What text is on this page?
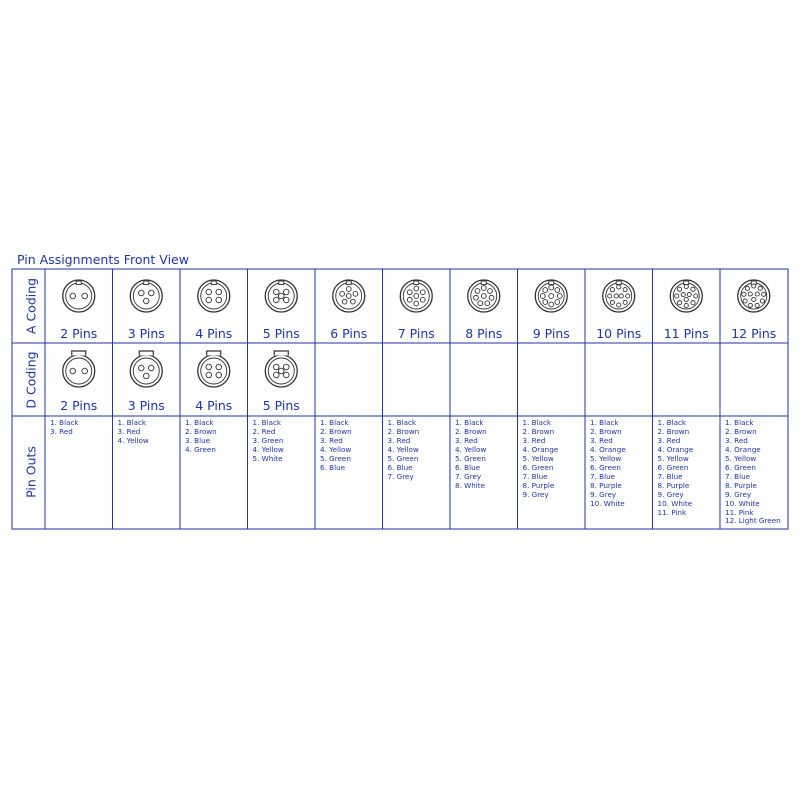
Pin Assignments Front View
A Coding
D Coding
Pin Outs
2 Pins 3 Pins 4 Pins 5 Pins 6 Pins 7 Pins 8 Pins 9 Pins 10 Pins 11 Pins 12 Pins
2 Pins 3 Pins 4 Pins 5 Pins
1. Black
3. Red
1. Black
3. Red
4. Yellow
1. Black
2. Brown
3. Blue
4. Green
1. Black
2. Red
3. Green
4. Yellow
5. White
1. Black
2. Brown
3. Red
4. Yellow
5. Green
6. Blue
1. Black
2. Brown
3. Red
4. Yellow
5. Green
6. Blue
7. Grey
1. Black
2. Brown
3. Red
4. Yellow
5. Green
6. Blue
7. Grey
8. White
1. Black
2. Brown
3. Red
4. Orange
5. Yellow
6. Green
7. Blue
8. Purple
9. Grey
1. Black
2. Brown
3. Red
4. Orange
5. Yellow
6. Green
7. Blue
8. Purple
9. Grey
10. White
1. Black
2. Brown
3. Red
4. Orange
5. Yellow
6. Green
7. Blue
8. Purple
9. Grey
10. White
11. Pink
1. Black
2. Brown
3. Red
4. Orange
5. Yellow
6. Green
7. Blue
8. Purple
9. Grey
10. White
11. Pink
12. Light Green
